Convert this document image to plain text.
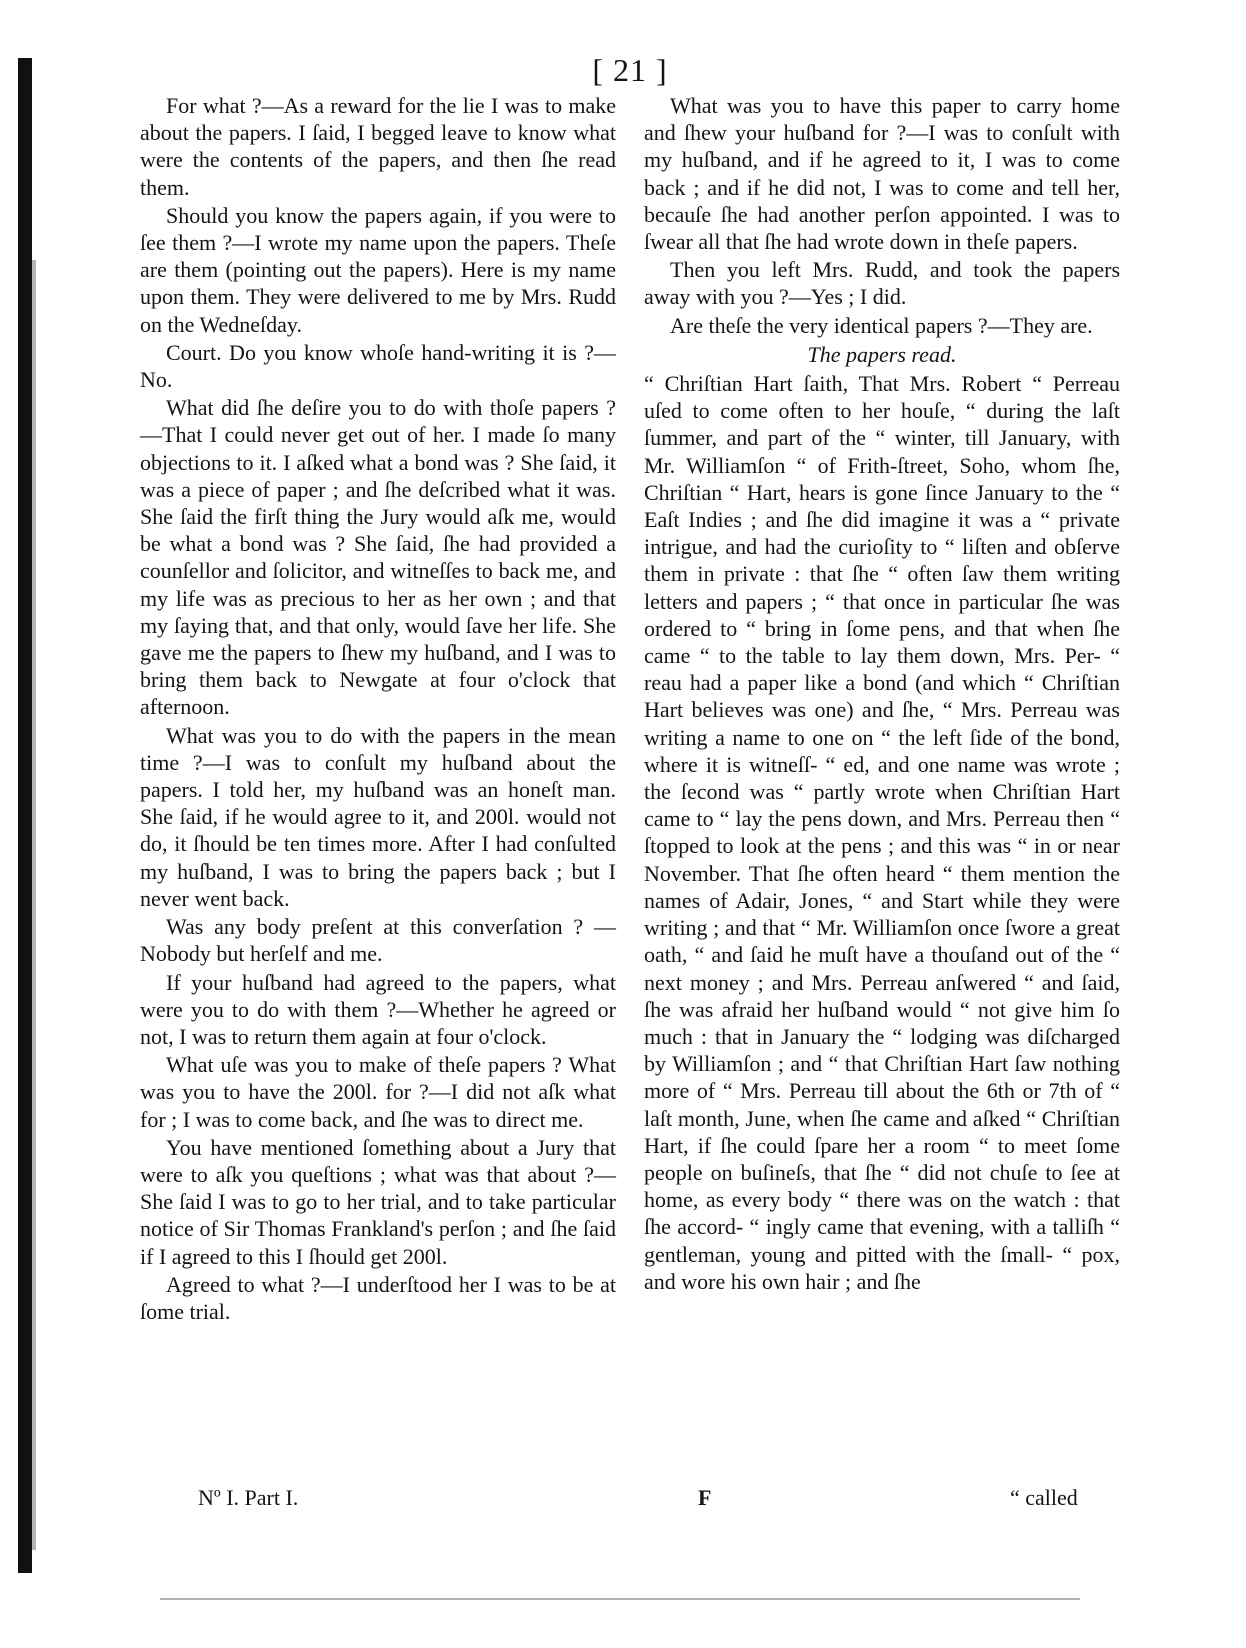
[ 21 ]

For what ?—As a reward for the lie I was to make about the papers. I ſaid, I begged leave to know what were the contents of the papers, and then ſhe read them.

Should you know the papers again, if you were to ſee them ?—I wrote my name upon the papers. Theſe are them (pointing out the papers). Here is my name upon them. They were delivered to me by Mrs. Rudd on the Wedneſday.

Court. Do you know whoſe hand-writing it is ?—No.

What did ſhe deſire you to do with thoſe papers ?—That I could never get out of her. I made ſo many objections to it. I aſked what a bond was ? She ſaid, it was a piece of paper ; and ſhe deſcribed what it was. She ſaid the firſt thing the Jury would aſk me, would be what a bond was ? She ſaid, ſhe had provided a counſellor and ſolicitor, and witneſſes to back me, and my life was as precious to her as her own ; and that my ſaying that, and that only, would ſave her life. She gave me the papers to ſhew my huſband, and I was to bring them back to Newgate at four o'clock that afternoon.

What was you to do with the papers in the mean time ?—I was to conſult my huſband about the papers. I told her, my huſband was an honeſt man. She ſaid, if he would agree to it, and 200l. would not do, it ſhould be ten times more. After I had conſulted my huſband, I was to bring the papers back ; but I never went back.

Was any body preſent at this converſation ? —Nobody but herſelf and me.

If your huſband had agreed to the papers, what were you to do with them ?—Whether he agreed or not, I was to return them again at four o'clock.

What uſe was you to make of theſe papers ? What was you to have the 200l. for ?—I did not aſk what for ; I was to come back, and ſhe was to direct me.

You have mentioned ſomething about a Jury that were to aſk you queſtions ; what was that about ?—She ſaid I was to go to her trial, and to take particular notice of Sir Thomas Frankland's perſon ; and ſhe ſaid if I agreed to this I ſhould get 200l.

Agreed to what ?—I underſtood her I was to be at ſome trial.

What was you to have this paper to carry home and ſhew your huſband for ?—I was to conſult with my huſband, and if he agreed to it, I was to come back ; and if he did not, I was to come and tell her, becauſe ſhe had another perſon appointed. I was to ſwear all that ſhe had wrote down in theſe papers.

Then you left Mrs. Rudd, and took the papers away with you ?—Yes ; I did.

Are theſe the very identical papers ?—They are.

The papers read.

“ Chriſtian Hart ſaith, That Mrs. Robert “ Perreau uſed to come often to her houſe, “ during the laſt ſummer, and part of the “ winter, till January, with Mr. Williamſon “ of Frith-ſtreet, Soho, whom ſhe, Chriſtian “ Hart, hears is gone ſince January to the “ Eaſt Indies ; and ſhe did imagine it was a “ private intrigue, and had the curioſity to “ liſten and obſerve them in private : that ſhe “ often ſaw them writing letters and papers ; “ that once in particular ſhe was ordered to “ bring in ſome pens, and that when ſhe came “ to the table to lay them down, Mrs. Per- “ reau had a paper like a bond (and which “ Chriſtian Hart believes was one) and ſhe, “ Mrs. Perreau was writing a name to one on “ the left ſide of the bond, where it is witneſſ- “ ed, and one name was wrote ; the ſecond was “ partly wrote when Chriſtian Hart came to “ lay the pens down, and Mrs. Perreau then “ ſtopped to look at the pens ; and this was “ in or near November. That ſhe often heard “ them mention the names of Adair, Jones, “ and Start while they were writing ; and that “ Mr. Williamſon once ſwore a great oath, “ and ſaid he muſt have a thouſand out of the “ next money ; and Mrs. Perreau anſwered “ and ſaid, ſhe was afraid her huſband would “ not give him ſo much : that in January the “ lodging was diſcharged by Williamſon ; and “ that Chriſtian Hart ſaw nothing more of “ Mrs. Perreau till about the 6th or 7th of “ laſt month, June, when ſhe came and aſked “ Chriſtian Hart, if ſhe could ſpare her a room “ to meet ſome people on buſineſs, that ſhe “ did not chuſe to ſee at home, as every body “ there was on the watch : that ſhe accord- “ ingly came that evening, with a talliſh “ gentleman, young and pitted with the ſmall- “ pox, and wore his own hair ; and ſhe

Nº I. Part I.	F	“ called
